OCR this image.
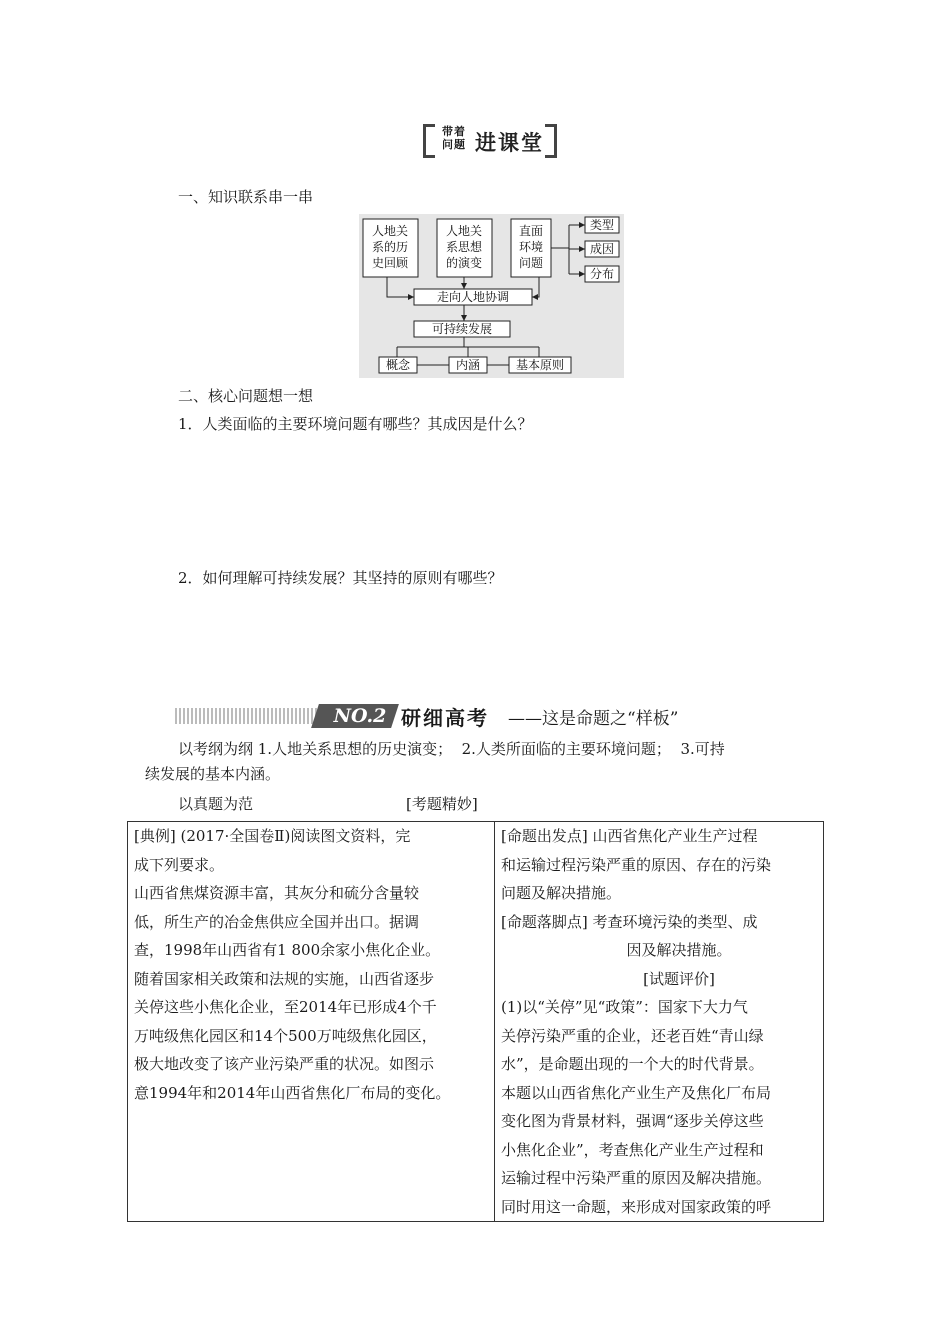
带着
问题 进课堂
一、知识联系串一串
人地关
系的历
史回顾
人地关
系思想
的演变
直面
环境
问题
类型
成因
分布
走向人地协调
可持续发展
概念	内涵	基本原则
二、核心问题想一想
1．人类面临的主要环境问题有哪些？其成因是什么？
2．如何理解可持续发展？其坚持的原则有哪些？
NO.2 研细高考 ——这是命题之“样板”
以考纲为纲 1.人地关系思想的历史演变；  2.人类所面临的主要环境问题；  3.可持
续发展的基本内涵。
以真题为范	[考题精妙]
[典例] (2017·全国卷Ⅱ)阅读图文资料，完
成下列要求。
山西省焦煤资源丰富，其灰分和硫分含量较
低，所生产的冶金焦供应全国并出口。据调
查，1998年山西省有1 800余家小焦化企业。
随着国家相关政策和法规的实施，山西省逐步
关停这些小焦化企业，至2014年已形成4个千
万吨级焦化园区和14个500万吨级焦化园区，
极大地改变了该产业污染严重的状况。如图示
意1994年和2014年山西省焦化厂布局的变化。

[命题出发点] 山西省焦化产业生产过程
和运输过程污染严重的原因、存在的污染
问题及解决措施。
[命题落脚点] 考查环境污染的类型、成
因及解决措施。
[试题评价]
(1)以“关停”见“政策”：国家下大力气
关停污染严重的企业，还老百姓“青山绿
水”，是命题出现的一个大的时代背景。
本题以山西省焦化产业生产及焦化厂布局
变化图为背景材料，强调“逐步关停这些
小焦化企业”，考查焦化产业生产过程和
运输过程中污染严重的原因及解决措施。
同时用这一命题，来形成对国家政策的呼
